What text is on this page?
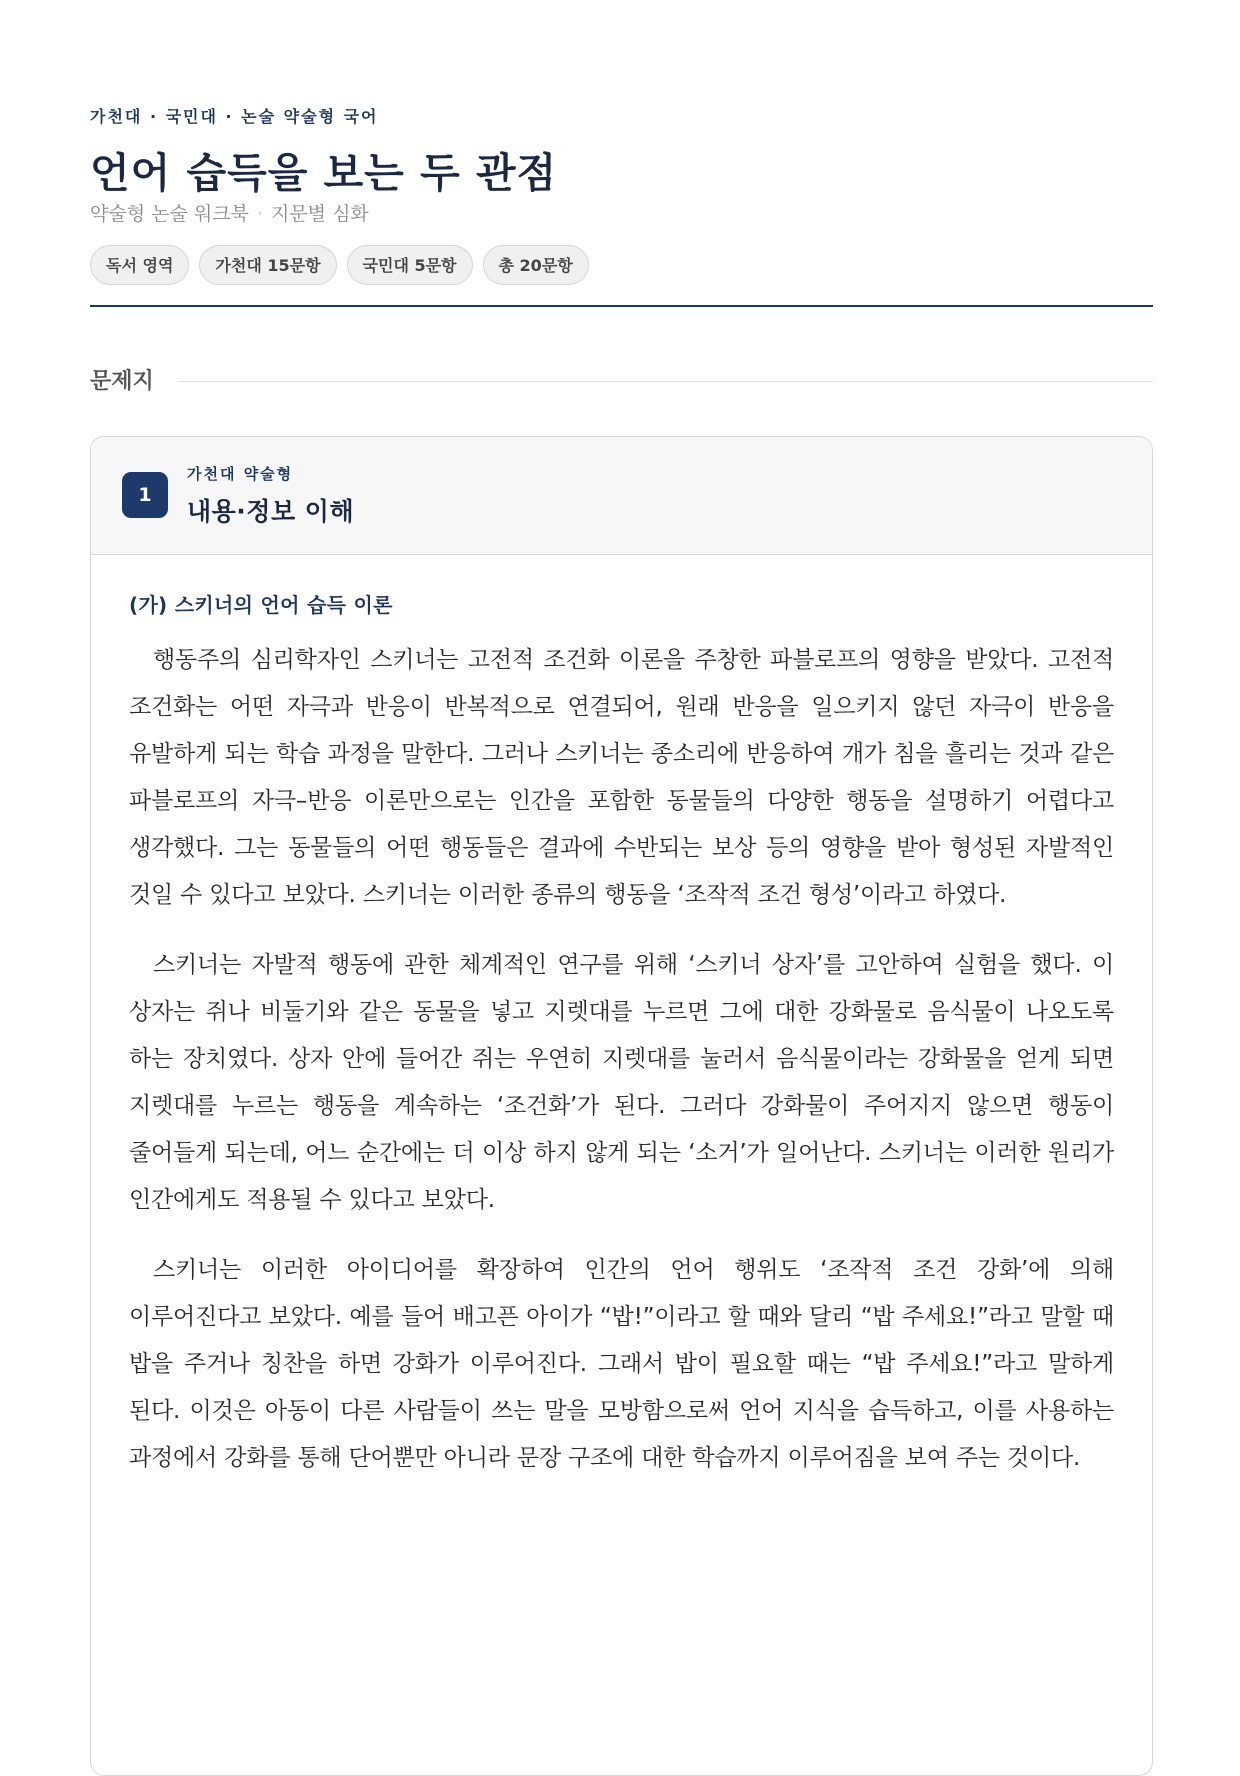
가천대 · 국민대 · 논술 약술형 국어
언어 습득을 보는 두 관점
약술형 논술 워크북 · 지문별 심화
독서 영역	가천대 15문항	국민대 5문항	총 20문항
문제지
1
가천대 약술형
내용·정보 이해
(가) 스키너의 언어 습득 이론

행동주의 심리학자인 스키너는 고전적 조건화 이론을 주창한 파블로프의 영향을 받았다. 고전적 조건화는 어떤 자극과 반응이 반복적으로 연결되어, 원래 반응을 일으키지 않던 자극이 반응을 유발하게 되는 학습 과정을 말한다. 그러나 스키너는 종소리에 반응하여 개가 침을 흘리는 것과 같은 파블로프의 자극–반응 이론만으로는 인간을 포함한 동물들의 다양한 행동을 설명하기 어렵다고 생각했다. 그는 동물들의 어떤 행동들은 결과에 수반되는 보상 등의 영향을 받아 형성된 자발적인 것일 수 있다고 보았다. 스키너는 이러한 종류의 행동을 ‘조작적 조건 형성’이라고 하였다.

스키너는 자발적 행동에 관한 체계적인 연구를 위해 ‘스키너 상자’를 고안하여 실험을 했다. 이 상자는 쥐나 비둘기와 같은 동물을 넣고 지렛대를 누르면 그에 대한 강화물로 음식물이 나오도록 하는 장치였다. 상자 안에 들어간 쥐는 우연히 지렛대를 눌러서 음식물이라는 강화물을 얻게 되면 지렛대를 누르는 행동을 계속하는 ‘조건화’가 된다. 그러다 강화물이 주어지지 않으면 행동이 줄어들게 되는데, 어느 순간에는 더 이상 하지 않게 되는 ‘소거’가 일어난다. 스키너는 이러한 원리가 인간에게도 적용될 수 있다고 보았다.

스키너는 이러한 아이디어를 확장하여 인간의 언어 행위도 ‘조작적 조건 강화’에 의해 이루어진다고 보았다. 예를 들어 배고픈 아이가 “밥!”이라고 할 때와 달리 “밥 주세요!”라고 말할 때 밥을 주거나 칭찬을 하면 강화가 이루어진다. 그래서 밥이 필요할 때는 “밥 주세요!”라고 말하게 된다. 이것은 아동이 다른 사람들이 쓰는 말을 모방함으로써 언어 지식을 습득하고, 이를 사용하는 과정에서 강화를 통해 단어뿐만 아니라 문장 구조에 대한 학습까지 이루어짐을 보여 주는 것이다.
